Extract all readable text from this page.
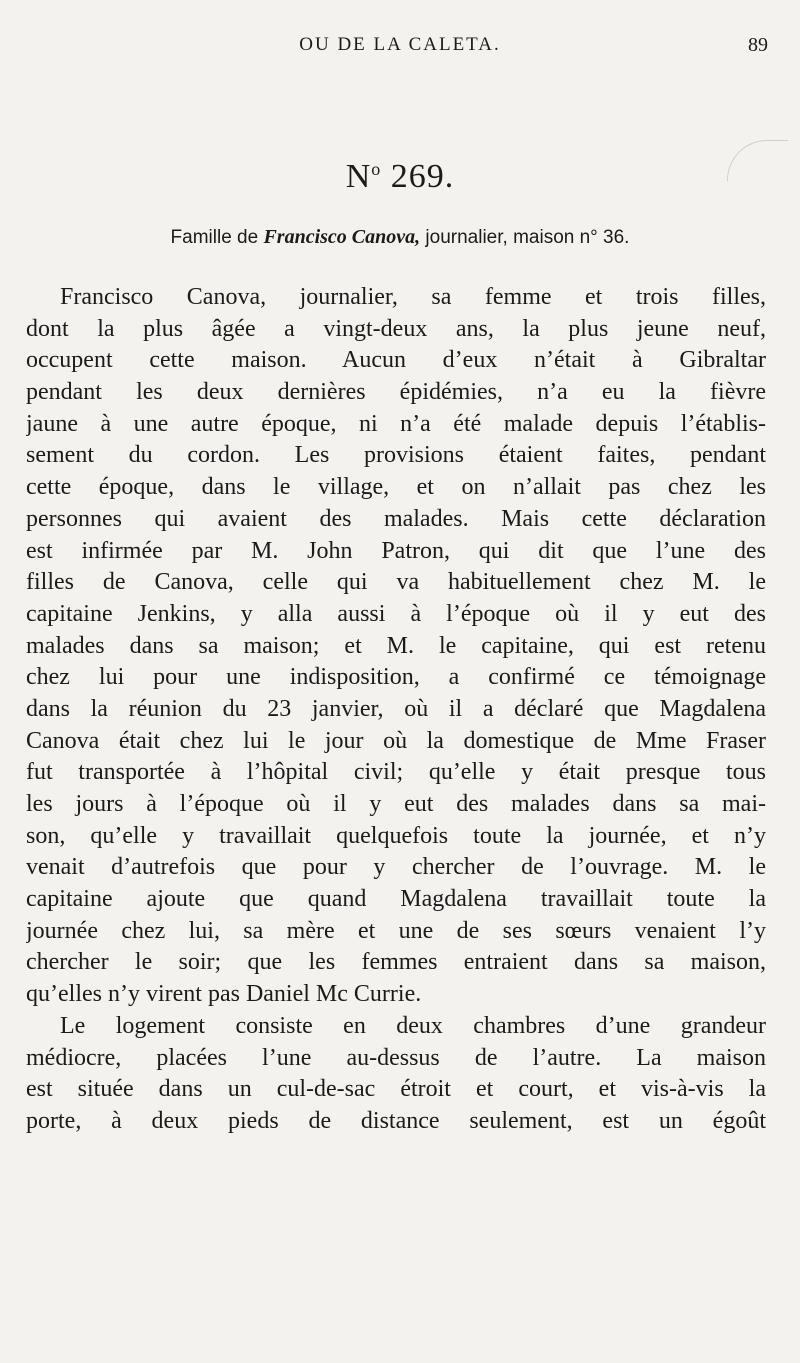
OU DE LA CALETA.	89
$N^o$ 269.
Famille de Francisco Canova, journalier, maison n° 36.
Francisco Canova, journalier, sa femme et trois filles,
dont la plus âgée a vingt-deux ans, la plus jeune neuf,
occupent cette maison. Aucun d’eux n’était à Gibraltar
pendant les deux dernières épidémies, n’a eu la fièvre
jaune à une autre époque, ni n’a été malade depuis l’établis-
sement du cordon. Les provisions étaient faites, pendant
cette époque, dans le village, et on n’allait pas chez les
personnes qui avaient des malades. Mais cette déclaration
est infirmée par M. John Patron, qui dit que l’une des
filles de Canova, celle qui va habituellement chez M. le
capitaine Jenkins, y alla aussi à l’époque où il y eut des
malades dans sa maison; et M. le capitaine, qui est retenu
chez lui pour une indisposition, a confirmé ce témoignage
dans la réunion du 23 janvier, où il a déclaré que Magdalena
Canova était chez lui le jour où la domestique de Mme Fraser
fut transportée à l’hôpital civil; qu’elle y était presque tous
les jours à l’époque où il y eut des malades dans sa mai-
son, qu’elle y travaillait quelquefois toute la journée, et n’y
venait d’autrefois que pour y chercher de l’ouvrage. M. le
capitaine ajoute que quand Magdalena travaillait toute la
journée chez lui, sa mère et une de ses sœurs venaient l’y
chercher le soir; que les femmes entraient dans sa maison,
qu’elles n’y virent pas Daniel Mc Currie.
Le logement consiste en deux chambres d’une grandeur
médiocre, placées l’une au-dessus de l’autre. La maison
est située dans un cul-de-sac étroit et court, et vis-à-vis la
porte, à deux pieds de distance seulement, est un égoût
